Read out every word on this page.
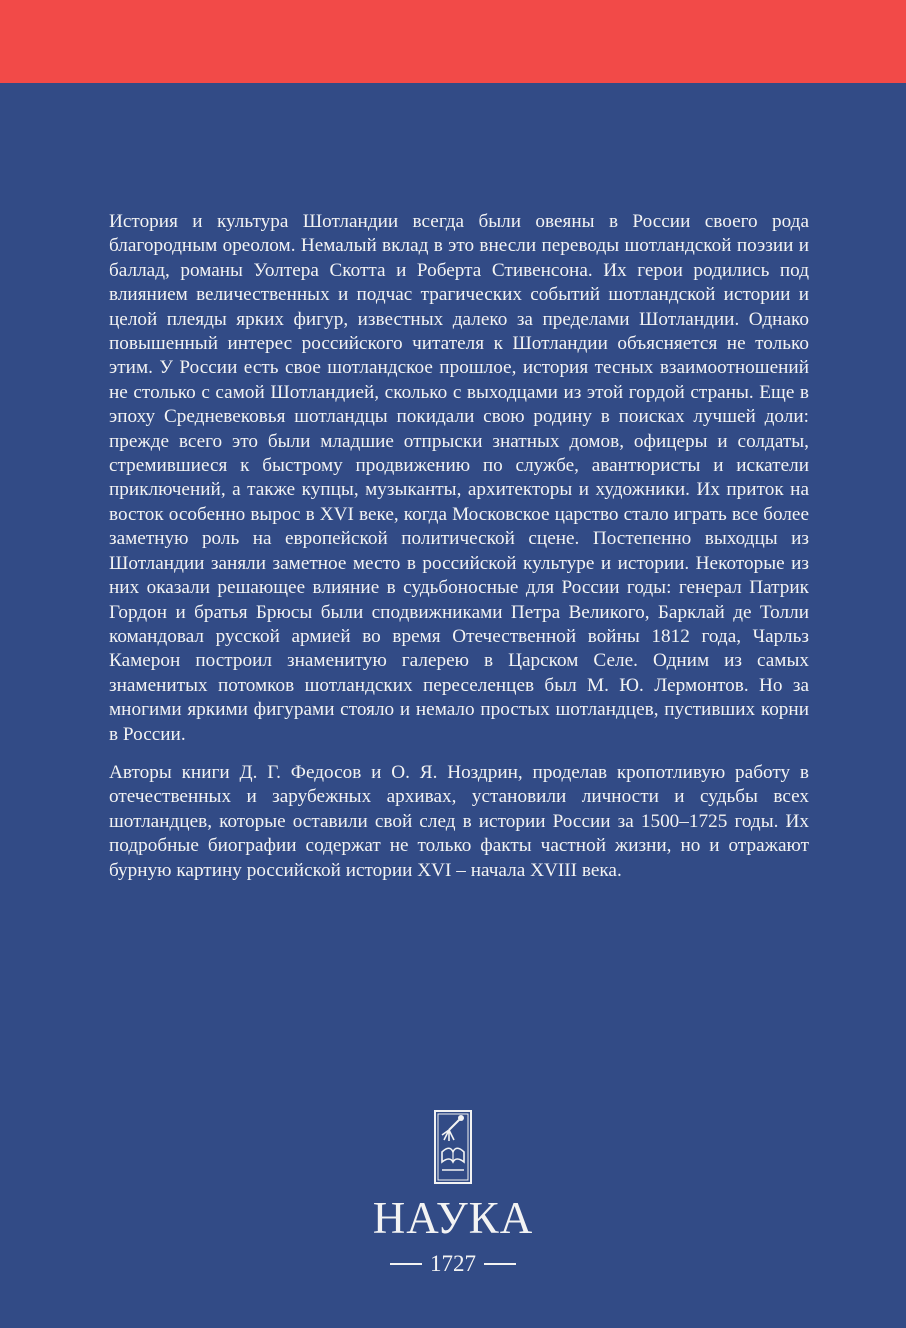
История и культура Шотландии всегда были овеяны в России своего рода благородным ореолом. Немалый вклад в это внесли переводы шотландской поэзии и баллад, романы Уолтера Скотта и Роберта Стивенсона. Их герои родились под влиянием величественных и подчас трагических событий шотландской истории и целой плеяды ярких фигур, известных далеко за пределами Шотландии. Однако повышенный интерес российского читателя к Шотландии объясняется не только этим. У России есть свое шотландское прошлое, история тесных взаимоотношений не столько с самой Шотландией, сколько с выходцами из этой гордой страны. Еще в эпоху Средневековья шотландцы покидали свою родину в поисках лучшей доли: прежде всего это были младшие отпрыски знатных домов, офицеры и солдаты, стремившиеся к быстрому продвижению по службе, авантюристы и искатели приключений, а также купцы, музыканты, архитекторы и художники. Их приток на восток особенно вырос в XVI веке, когда Московское царство стало играть все более заметную роль на европейской политической сцене. Постепенно выходцы из Шотландии заняли заметное место в российской культуре и истории. Некоторые из них оказали решающее влияние в судьбоносные для России годы: генерал Патрик Гордон и братья Брюсы были сподвижниками Петра Великого, Барклай де Толли командовал русской армией во время Отечественной войны 1812 года, Чарльз Камерон построил знаменитую галерею в Царском Селе. Одним из самых знаменитых потомков шотландских переселенцев был М. Ю. Лермонтов. Но за многими яркими фигурами стояло и немало простых шотландцев, пустивших корни в России.

Авторы книги Д. Г. Федосов и О. Я. Ноздрин, проделав кропотливую работу в отечественных и зарубежных архивах, установили личности и судьбы всех шотландцев, которые оставили свой след в истории России за 1500–1725 годы. Их подробные биографии содержат не только факты частной жизни, но и отражают бурную картину российской истории XVI – начала XVIII века.

НАУКА
1727
